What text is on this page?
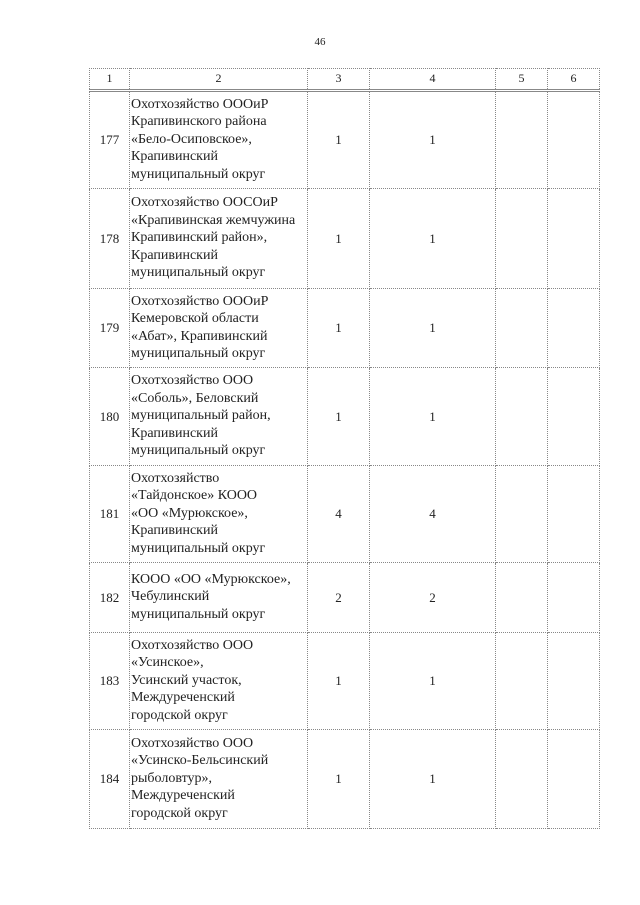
46
1	2	3	4	5	6
177	Охотхозяйство ОООиР
Крапивинского района
«Бело-Осиповское»,
Крапивинский
муниципальный округ	1	1		
178	Охотхозяйство ООСОиР
«Крапивинская жемчужина
Крапивинский район»,
Крапивинский
муниципальный округ	1	1		
179	Охотхозяйство ОООиР
Кемеровской области
«Абат», Крапивинский
муниципальный округ	1	1		
180	Охотхозяйство ООО
«Соболь», Беловский
муниципальный район,
Крапивинский
муниципальный округ	1	1		
181	Охотхозяйство
«Тайдонское» КООО
«ОО «Мурюкское»,
Крапивинский
муниципальный округ	4	4		
182	КООО «ОО «Мурюкское»,
Чебулинский
муниципальный округ	2	2		
183	Охотхозяйство ООО
«Усинское»,
Усинский участок,
Междуреченский
городской округ	1	1		
184	Охотхозяйство ООО
«Усинско-Бельсинский
рыболовтур»,
Междуреченский
городской округ	1	1		
